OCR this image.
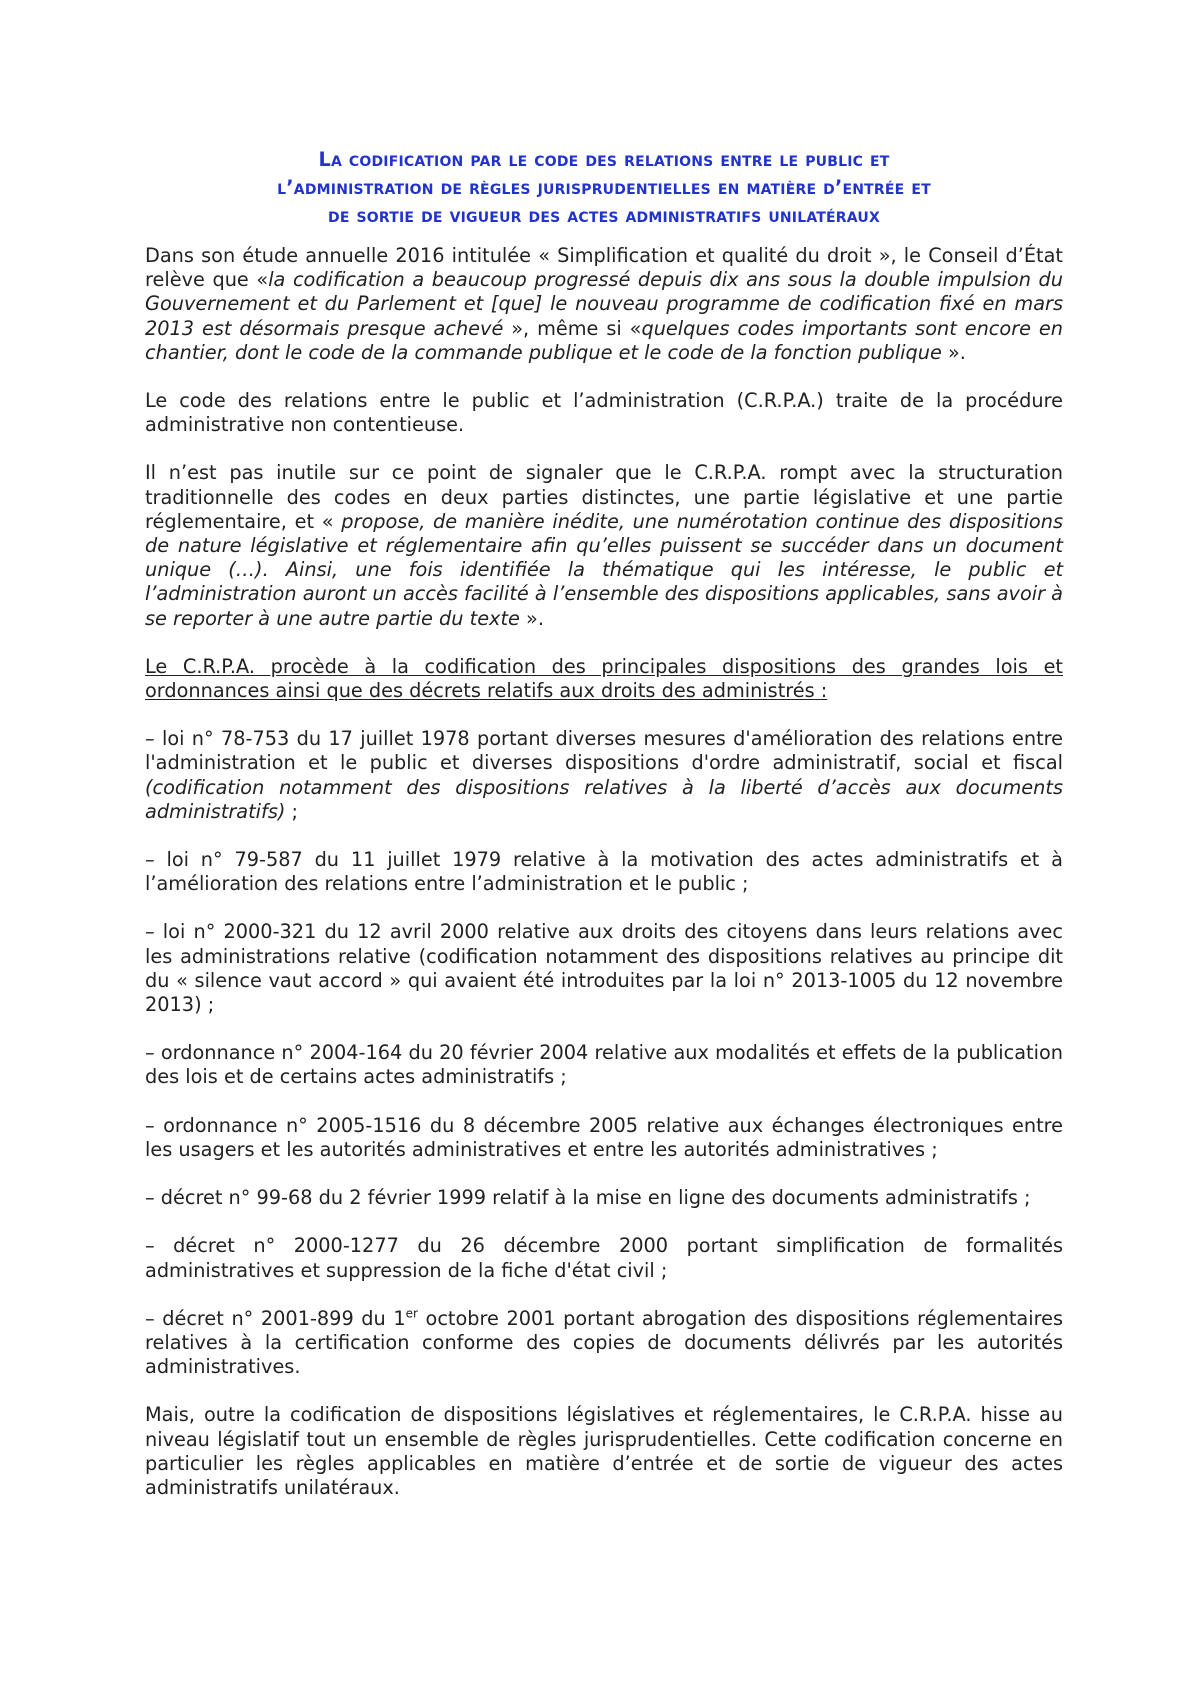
La codification par le code des relations entre le public et
l’administration de règles jurisprudentielles en matière d’entrée et
de sortie de vigueur des actes administratifs unilatéraux

Dans son étude annuelle 2016 intitulée « Simplification et qualité du droit », le Conseil d’État relève que «la codification a beaucoup progressé depuis dix ans sous la double impulsion du Gouvernement et du Parlement et [que] le nouveau programme de codification fixé en mars 2013 est désormais presque achevé », même si «quelques codes importants sont encore en chantier, dont le code de la commande publique et le code de la fonction publique ».

Le code des relations entre le public et l’administration (C.R.P.A.) traite de la procédure administrative non contentieuse.

Il n’est pas inutile sur ce point de signaler que le C.R.P.A. rompt avec la structuration traditionnelle des codes en deux parties distinctes, une partie législative et une partie réglementaire, et « propose, de manière inédite, une numérotation continue des dispositions de nature législative et réglementaire afin qu’elles puissent se succéder dans un document unique (…). Ainsi, une fois identifiée la thématique qui les intéresse, le public et l’administration auront un accès facilité à l’ensemble des dispositions applicables, sans avoir à se reporter à une autre partie du texte ».

Le C.R.P.A. procède à la codification des principales dispositions des grandes lois et ordonnances ainsi que des décrets relatifs aux droits des administrés :

– loi n° 78-753 du 17 juillet 1978 portant diverses mesures d'amélioration des relations entre l'administration et le public et diverses dispositions d'ordre administratif, social et fiscal (codification notamment des dispositions relatives à la liberté d’accès aux documents administratifs) ;

– loi n° 79-587 du 11 juillet 1979 relative à la motivation des actes administratifs et à l’amélioration des relations entre l’administration et le public ;

– loi n° 2000-321 du 12 avril 2000 relative aux droits des citoyens dans leurs relations avec les administrations relative (codification notamment des dispositions relatives au principe dit du « silence vaut accord » qui avaient été introduites par la loi n° 2013-1005 du 12 novembre 2013) ;

– ordonnance n° 2004-164 du 20 février 2004 relative aux modalités et effets de la publication des lois et de certains actes administratifs ;

– ordonnance n° 2005-1516 du 8 décembre 2005 relative aux échanges électroniques entre les usagers et les autorités administratives et entre les autorités administratives ;

– décret n° 99-68 du 2 février 1999 relatif à la mise en ligne des documents administratifs ;

– décret n° 2000-1277 du 26 décembre 2000 portant simplification de formalités administratives et suppression de la fiche d'état civil ;

– décret n° 2001-899 du 1er octobre 2001 portant abrogation des dispositions réglementaires relatives à la certification conforme des copies de documents délivrés par les autorités administratives.

Mais, outre la codification de dispositions législatives et réglementaires, le C.R.P.A. hisse au niveau législatif tout un ensemble de règles jurisprudentielles. Cette codification concerne en particulier les règles applicables en matière d’entrée et de sortie de vigueur des actes administratifs unilatéraux.
